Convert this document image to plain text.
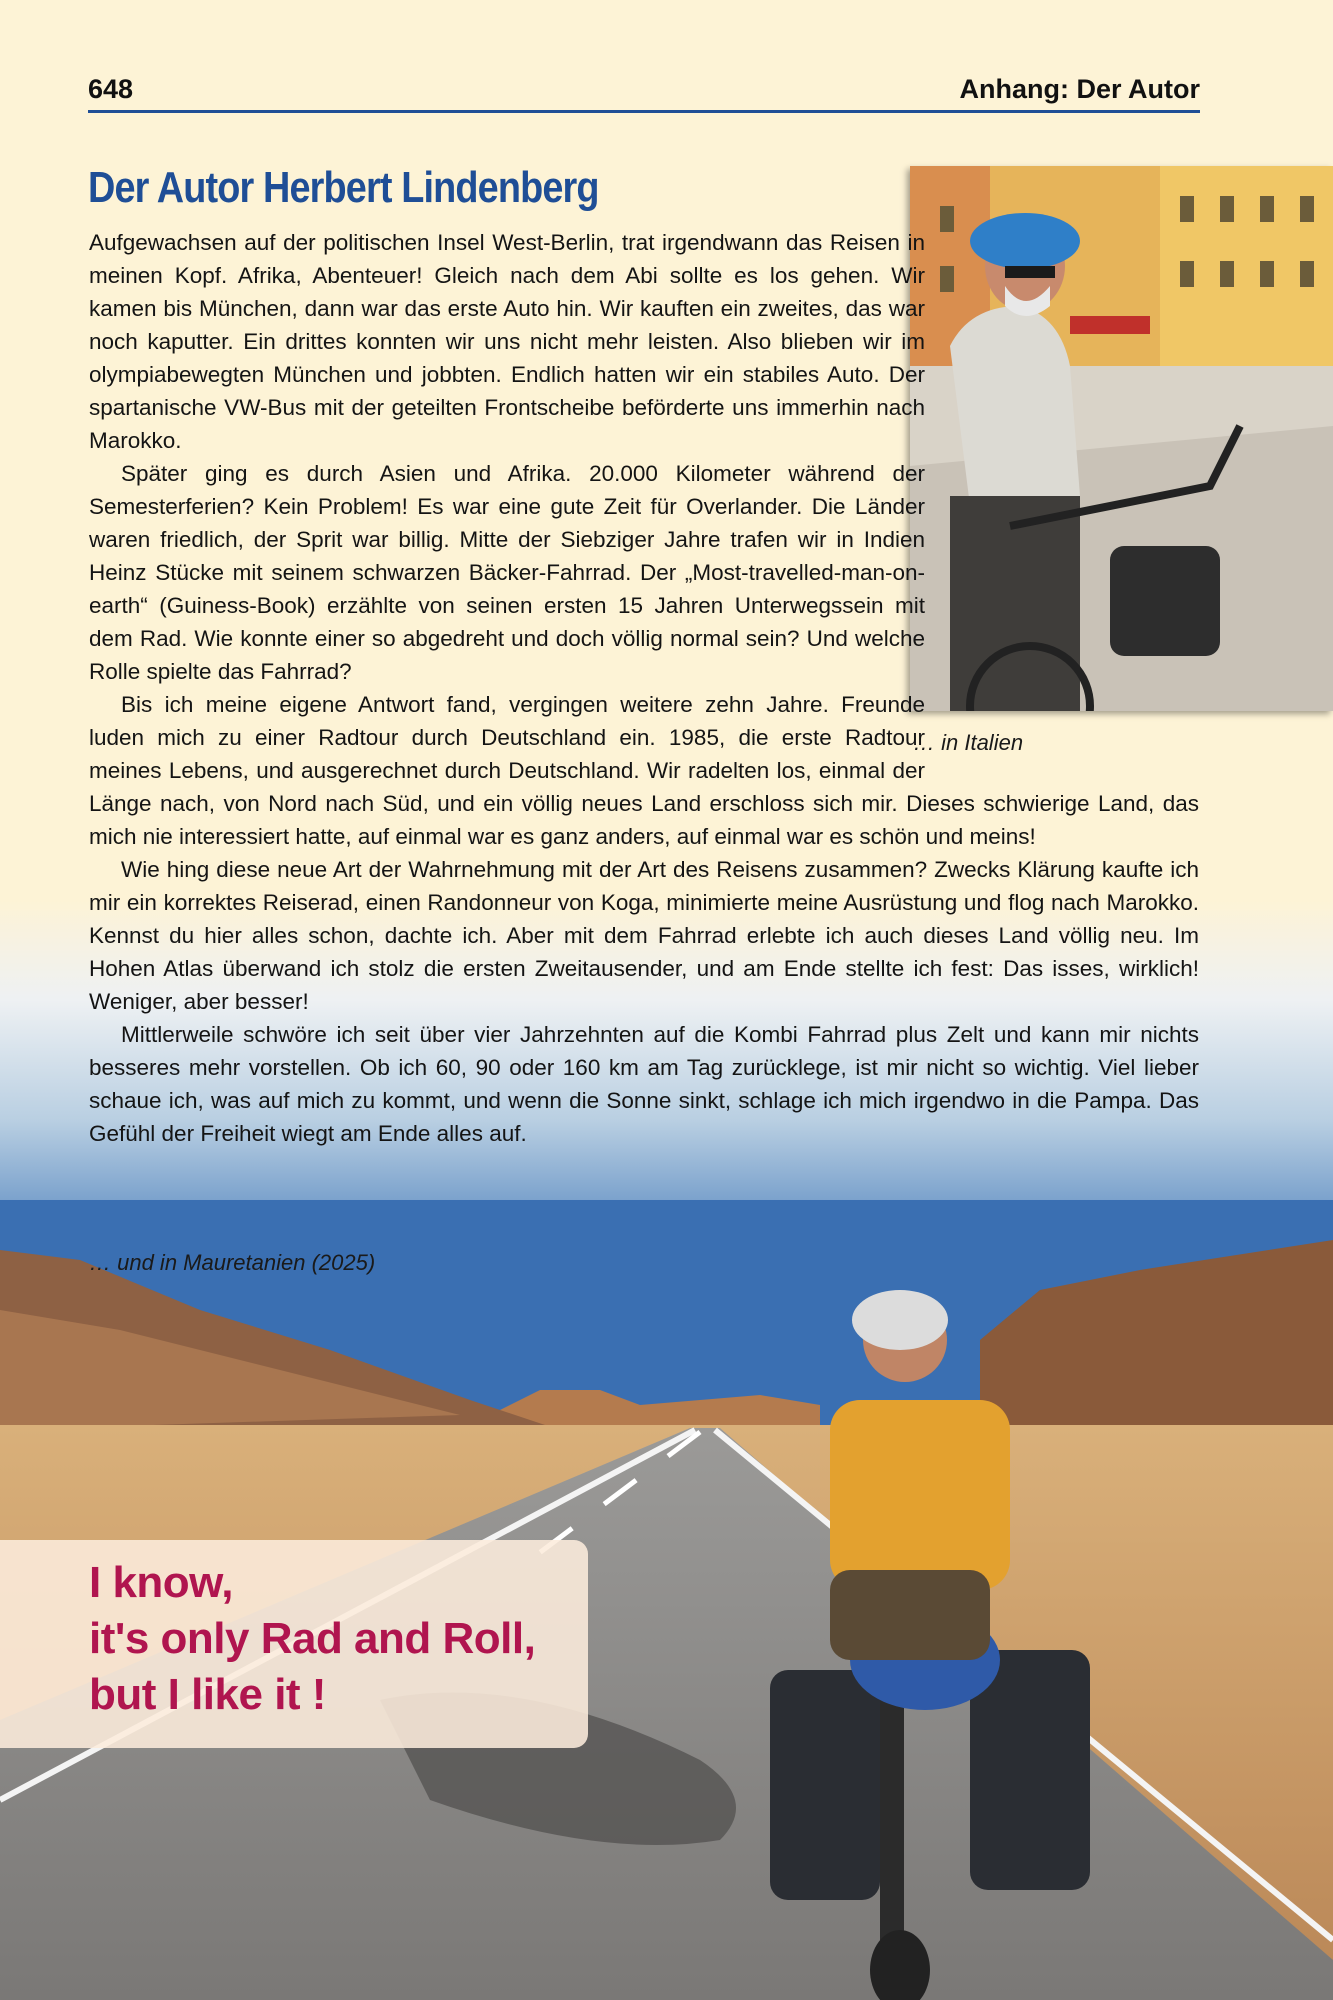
648	Anhang: Der Autor
Der Autor Herbert Lindenberg
… in Italien

Aufgewachsen auf der politischen Insel West-Berlin, trat irgendwann das Reisen in meinen Kopf. Afrika, Abenteuer! Gleich nach dem Abi sollte es los gehen. Wir kamen bis München, dann war das erste Auto hin. Wir kauften ein zweites, das war noch kaputter. Ein drittes konnten wir uns nicht mehr leisten. Also blieben wir im olympiabewegten München und jobbten. Endlich hatten wir ein stabiles Auto. Der spartanische VW-Bus mit der geteilten Frontscheibe beförderte uns immerhin nach Marokko.

Später ging es durch Asien und Afrika. 20.000 Kilometer während der Semesterferien? Kein Problem! Es war eine gute Zeit für Overlander. Die Länder waren friedlich, der Sprit war billig. Mitte der Siebziger Jahre trafen wir in Indien Heinz Stücke mit seinem schwarzen Bäcker-Fahrrad. Der „Most-travelled-man-on-earth“ (Guiness-Book) erzählte von seinen ersten 15 Jahren Unterwegssein mit dem Rad. Wie konnte einer so abgedreht und doch völlig normal sein? Und welche Rolle spielte das Fahrrad?

Bis ich meine eigene Antwort fand, vergingen weitere zehn Jahre. Freunde luden mich zu einer Radtour durch Deutschland ein. 1985, die erste Radtour meines Lebens, und ausgerechnet durch Deutschland. Wir radelten los, einmal der Länge nach, von Nord nach Süd, und ein völlig neues Land erschloss sich mir. Dieses schwierige Land, das mich nie interessiert hatte, auf einmal war es ganz anders, auf einmal war es schön und meins!

Wie hing diese neue Art der Wahrnehmung mit der Art des Reisens zusammen? Zwecks Klärung kaufte ich mir ein korrektes Reiserad, einen Randonneur von Koga, minimierte meine Ausrüstung und flog nach Marokko. Kennst du hier alles schon, dachte ich. Aber mit dem Fahrrad erlebte ich auch dieses Land völlig neu. Im Hohen Atlas überwand ich stolz die ersten Zweitausender, und am Ende stellte ich fest: Das isses, wirklich! Weniger, aber besser!

Mittlerweile schwöre ich seit über vier Jahrzehnten auf die Kombi Fahrrad plus Zelt und kann mir nichts besseres mehr vorstellen. Ob ich 60, 90 oder 160 km am Tag zurücklege, ist mir nicht so wichtig. Viel lieber schaue ich, was auf mich zu kommt, und wenn die Sonne sinkt, schlage ich mich irgendwo in die Pampa. Das Gefühl der Freiheit wiegt am Ende alles auf.

… und in Mauretanien (2025)
I know,
it's only Rad and Roll,
but I like it !
